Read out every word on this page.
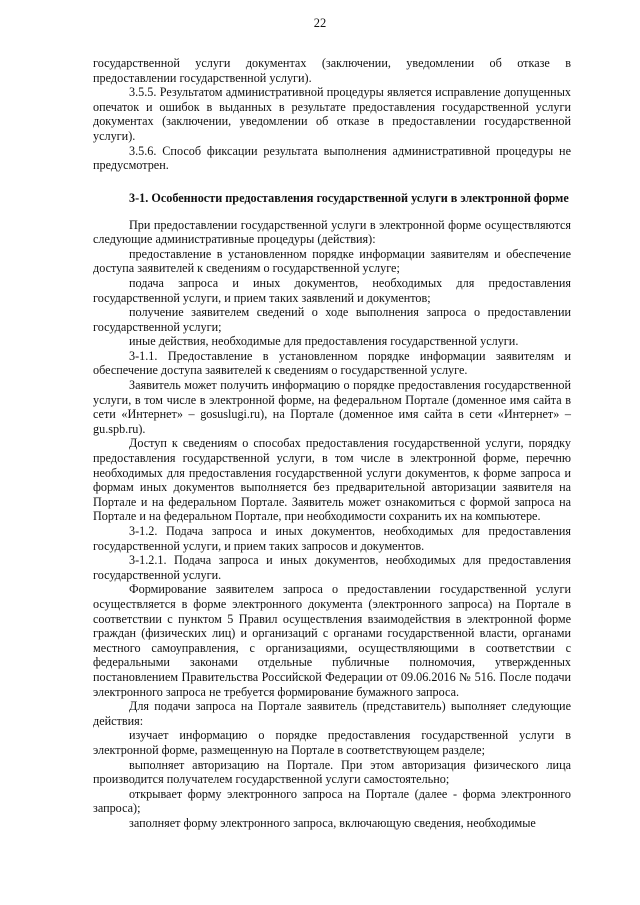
22

государственной услуги документах (заключении, уведомлении об отказе в предоставлении государственной услуги).

3.5.5. Результатом административной процедуры является исправление допущенных опечаток и ошибок в выданных в результате предоставления государственной услуги документах (заключении, уведомлении об отказе в предоставлении государственной услуги).

3.5.6. Способ фиксации результата выполнения административной процедуры не предусмотрен.

3-1. Особенности предоставления государственной услуги в электронной форме

При предоставлении государственной услуги в электронной форме осуществляются следующие административные процедуры (действия):

предоставление в установленном порядке информации заявителям и обеспечение доступа заявителей к сведениям о государственной услуге;

подача запроса и иных документов, необходимых для предоставления государственной услуги, и прием таких заявлений и документов;

получение заявителем сведений о ходе выполнения запроса о предоставлении государственной услуги;

иные действия, необходимые для предоставления государственной услуги.

3-1.1. Предоставление в установленном порядке информации заявителям и обеспечение доступа заявителей к сведениям о государственной услуге.

Заявитель может получить информацию о порядке предоставления государственной услуги, в том числе в электронной форме, на федеральном Портале (доменное имя сайта в сети «Интернет» – gosuslugi.ru), на Портале (доменное имя сайта в сети «Интернет» – gu.spb.ru).

Доступ к сведениям о способах предоставления государственной услуги, порядку предоставления государственной услуги, в том числе в электронной форме, перечню необходимых для предоставления государственной услуги документов, к форме запроса и формам иных документов выполняется без предварительной авторизации заявителя на Портале и на федеральном Портале. Заявитель может ознакомиться с формой запроса на Портале и на федеральном Портале, при необходимости сохранить их на компьютере.

3-1.2. Подача запроса и иных документов, необходимых для предоставления государственной услуги, и прием таких запросов и документов.

3-1.2.1. Подача запроса и иных документов, необходимых для предоставления государственной услуги.

Формирование заявителем запроса о предоставлении государственной услуги осуществляется в форме электронного документа (электронного запроса) на Портале в соответствии с пунктом 5 Правил осуществления взаимодействия в электронной форме граждан (физических лиц) и организаций с органами государственной власти, органами местного самоуправления, с организациями, осуществляющими в соответствии с федеральными законами отдельные публичные полномочия, утвержденных постановлением Правительства Российской Федерации от 09.06.2016 № 516. После подачи электронного запроса не требуется формирование бумажного запроса.

Для подачи запроса на Портале заявитель (представитель) выполняет следующие действия:

изучает информацию о порядке предоставления государственной услуги в электронной форме, размещенную на Портале в соответствующем разделе;

выполняет авторизацию на Портале. При этом авторизация физического лица производится получателем государственной услуги самостоятельно;

открывает форму электронного запроса на Портале (далее - форма электронного запроса);

заполняет форму электронного запроса, включающую сведения, необходимые
